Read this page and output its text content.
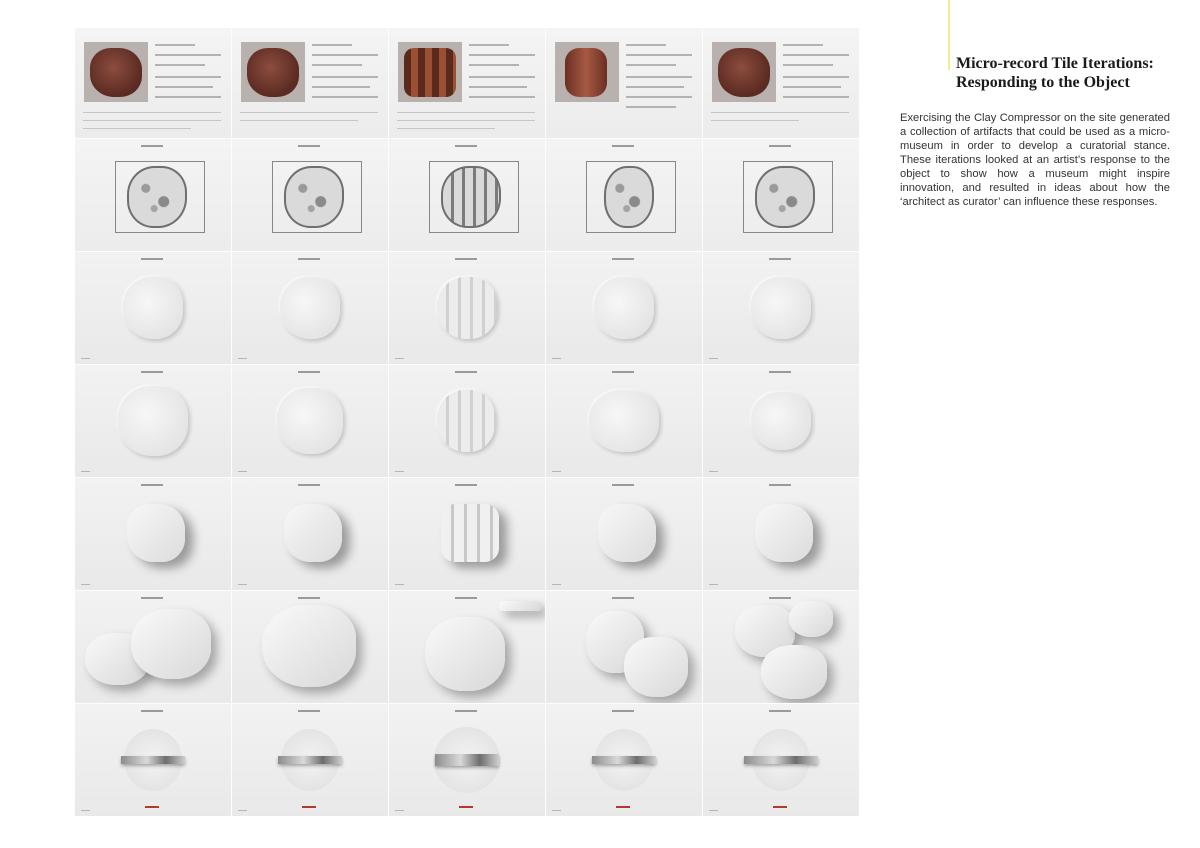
Micro-record Tile Iterations:
Responding to the Object

Exercising the Clay Compressor on the site generated a collection of artifacts that could be used as a micro-museum in order to develop a curatorial stance. These iterations looked at an artist’s response to the object to show how a museum might inspire innovation, and resulted in ideas about how the ‘architect as curator’ can influence these responses.
